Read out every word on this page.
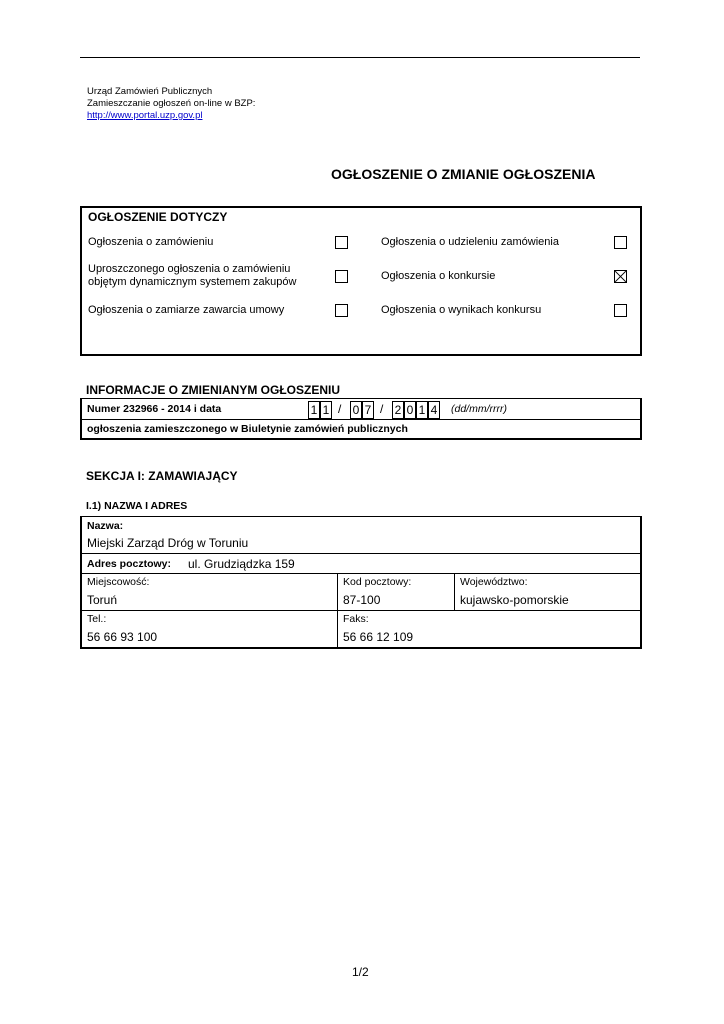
Urząd Zamówień Publicznych
Zamieszczanie ogłoszeń on-line w BZP:
http://www.portal.uzp.gov.pl
OGŁOSZENIE O ZMIANIE OGŁOSZENIA
OGŁOSZENIE DOTYCZY
Ogłoszenia o zamówieniu	Ogłoszenia o udzieleniu zamówienia
Uproszczonego ogłoszenia o zamówieniu objętym dynamicznym systemem zakupów	Ogłoszenia o konkursie
Ogłoszenia o zamiarze zawarcia umowy	Ogłoszenia o wynikach konkursu
INFORMACJE O ZMIENIANYM OGŁOSZENIU
Numer 232966 - 2014 i data	1 1 / 0 7 / 2 0 1 4 (dd/mm/rrrr)
ogłoszenia zamieszczonego w Biuletynie zamówień publicznych
SEKCJA I: ZAMAWIAJĄCY
I.1) NAZWA I ADRES
Nazwa:
Miejski Zarząd Dróg w Toruniu
Adres pocztowy: ul. Grudziądzka 159
Miejscowość:
Toruń
Kod pocztowy:
87-100
Województwo:
kujawsko-pomorskie
Tel.:
56 66 93 100
Faks:
56 66 12 109
1/2
